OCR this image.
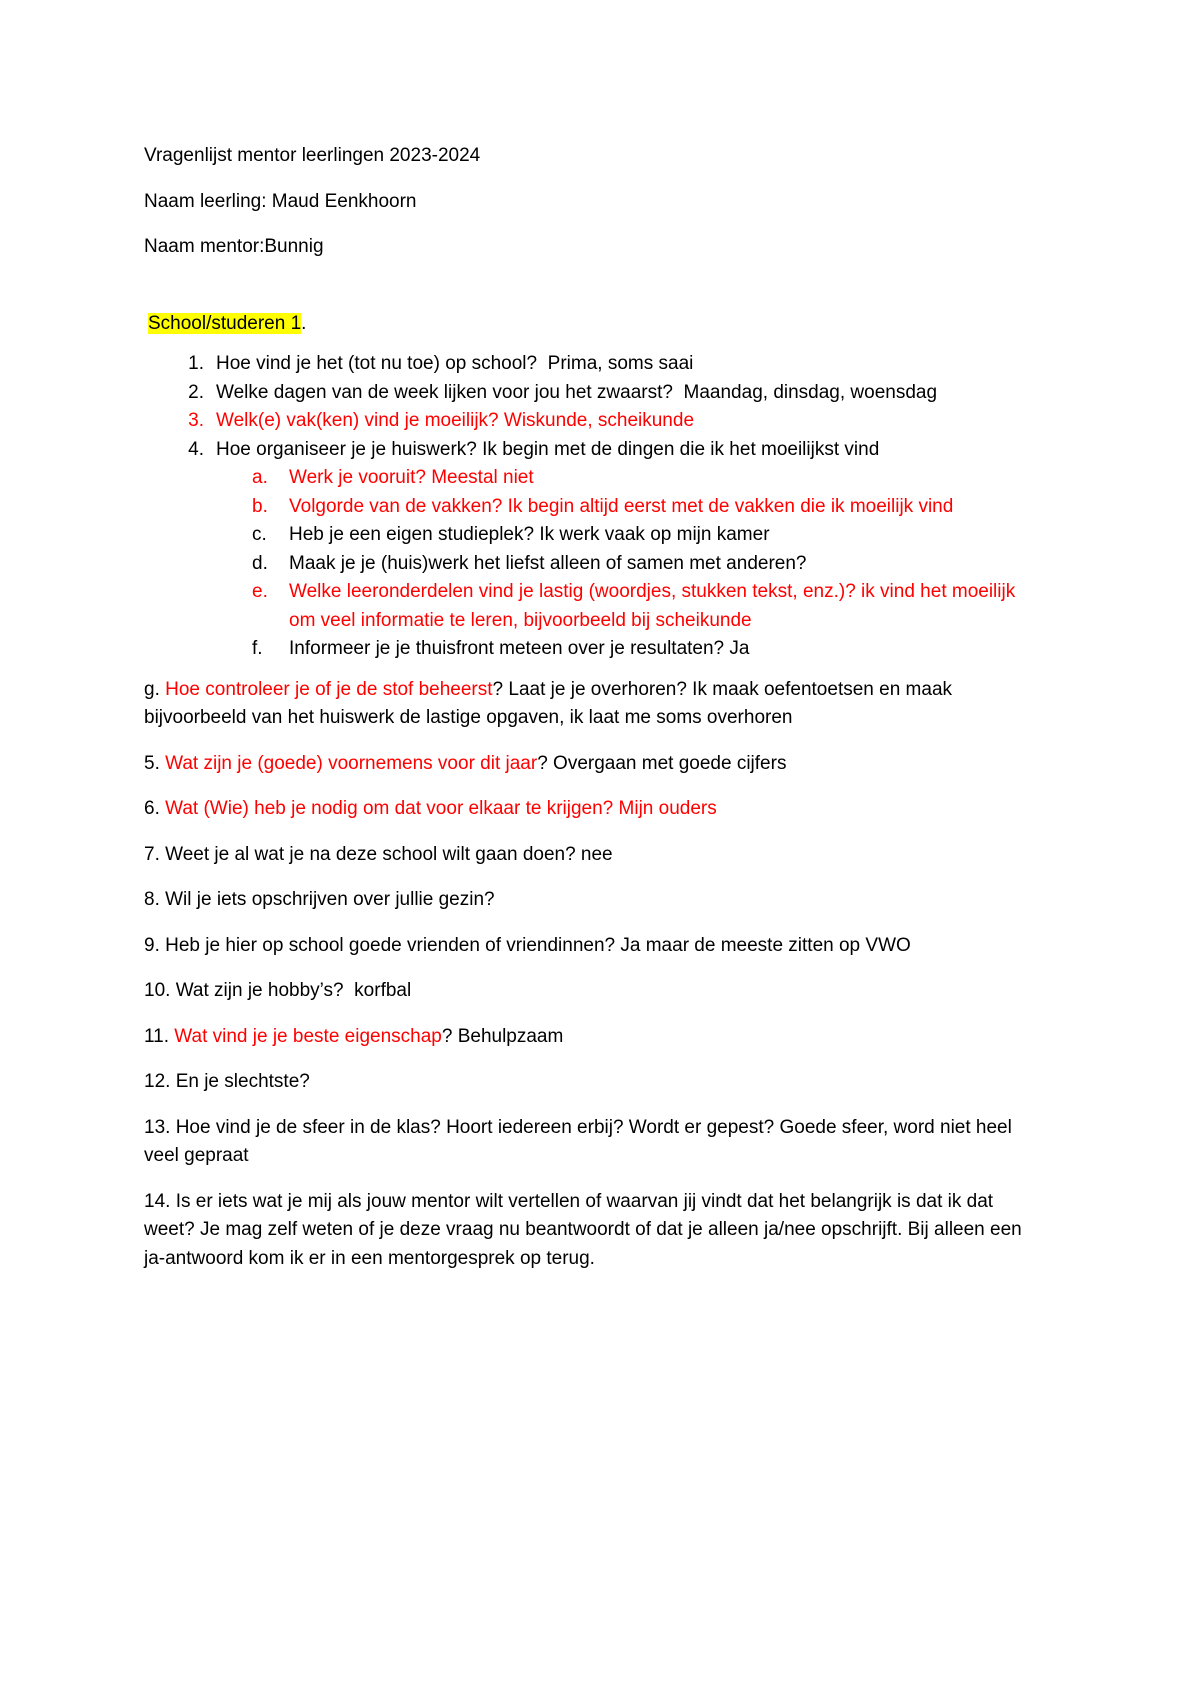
Vragenlijst mentor leerlingen 2023-2024

Naam leerling: Maud Eenkhoorn

Naam mentor:Bunnig

School/studeren 1.

1. Hoe vind je het (tot nu toe) op school?  Prima, soms saai
2. Welke dagen van de week lijken voor jou het zwaarst?  Maandag, dinsdag, woensdag
3. Welk(e) vak(ken) vind je moeilijk? Wiskunde, scheikunde
4. Hoe organiseer je je huiswerk? Ik begin met de dingen die ik het moeilijkst vind
a. Werk je vooruit? Meestal niet
b. Volgorde van de vakken? Ik begin altijd eerst met de vakken die ik moeilijk vind
c. Heb je een eigen studieplek? Ik werk vaak op mijn kamer
d. Maak je je (huis)werk het liefst alleen of samen met anderen?
e. Welke leeronderdelen vind je lastig (woordjes, stukken tekst, enz.)? ik vind het moeilijk om veel informatie te leren, bijvoorbeeld bij scheikunde
f. Informeer je je thuisfront meteen over je resultaten? Ja

g. Hoe controleer je of je de stof beheerst? Laat je je overhoren? Ik maak oefentoetsen en maak bijvoorbeeld van het huiswerk de lastige opgaven, ik laat me soms overhoren

5. Wat zijn je (goede) voornemens voor dit jaar? Overgaan met goede cijfers

6. Wat (Wie) heb je nodig om dat voor elkaar te krijgen? Mijn ouders

7. Weet je al wat je na deze school wilt gaan doen? nee

8. Wil je iets opschrijven over jullie gezin?

9. Heb je hier op school goede vrienden of vriendinnen? Ja maar de meeste zitten op VWO

10. Wat zijn je hobby’s?  korfbal

11. Wat vind je je beste eigenschap? Behulpzaam

12. En je slechtste?

13. Hoe vind je de sfeer in de klas? Hoort iedereen erbij? Wordt er gepest? Goede sfeer, word niet heel veel gepraat

14. Is er iets wat je mij als jouw mentor wilt vertellen of waarvan jij vindt dat het belangrijk is dat ik dat weet? Je mag zelf weten of je deze vraag nu beantwoordt of dat je alleen ja/nee opschrijft. Bij alleen een ja-antwoord kom ik er in een mentorgesprek op terug.
